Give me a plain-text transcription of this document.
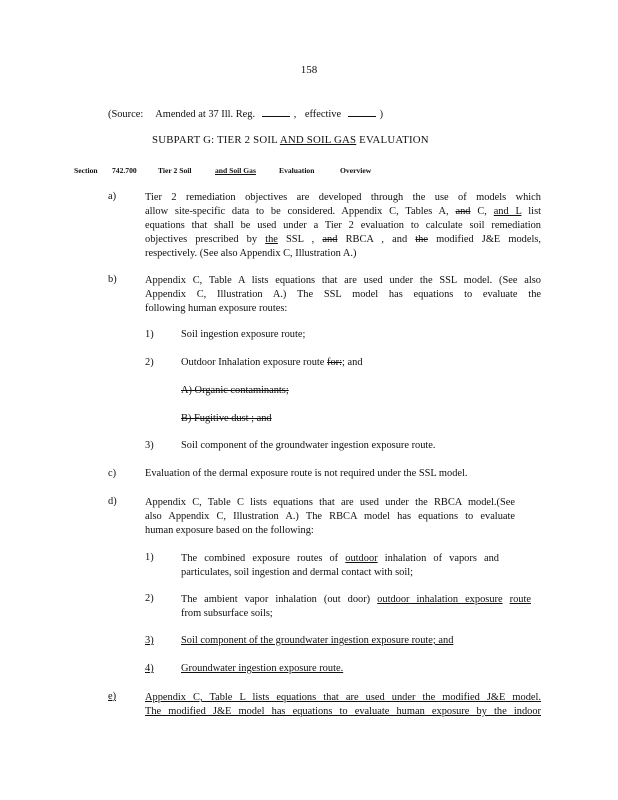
158
(Source: Amended at 37 Ill. Reg.	, effective	)
SUBPART G: TIER 2 SOIL AND SOIL GAS EVALUATION
Section 742.700	Tier 2 Soil	and Soil Gas	Evaluation	Overview
a)	Tier 2 remediation objectives are developed through the use of models which
allow site-specific data to be considered. Appendix C, Tables A, and C, and L list
equations that shall be used under a Tier 2 evaluation to calculate soil remediation
objectives prescribed by the SSL , and RBCA , and the modified J&E models,
respectively. (See also Appendix C, Illustration A.)
b)	Appendix C, Table A lists equations that are used under the SSL model. (See also
Appendix C, Illustration A.) The SSL model has equations to evaluate the
following human exposure routes:
1)	Soil ingestion exposure route;
2)	Outdoor Inhalation exposure route for:; and
A) Organic contaminants;
B) Fugitive dust ; and
3)	Soil component of the groundwater ingestion exposure route.
c)	Evaluation of the dermal exposure route is not required under the SSL model.
d)	Appendix C, Table C lists equations that are used under the RBCA model.(See
also Appendix C, Illustration A.) The RBCA model has equations to evaluate
human exposure based on the following:
1)	The combined exposure routes of outdoor inhalation of vapors and
particulates, soil ingestion and dermal contact with soil;
2)	The ambient vapor inhalation (out door) outdoor inhalation exposure route
from subsurface soils;
3)	Soil component of the groundwater ingestion exposure route; and
4)	Groundwater ingestion exposure route.
e)	Appendix C, Table L lists equations that are used under the modified J&E model.
The modified J&E model has equations to evaluate human exposure by the indoor
